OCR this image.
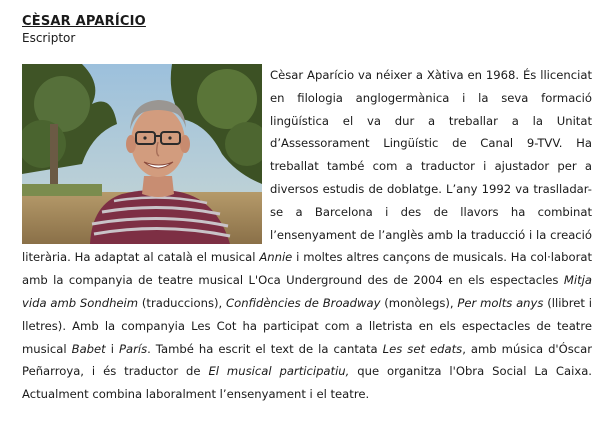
CÈSAR APARÍCIO
Escriptor
Cèsar Aparício va néixer a Xàtiva en 1968. És llicenciat en filologia anglogermànica i la seva formació lingüística el va dur a treballar a la Unitat d’Assessorament Lingüístic de Canal 9-TVV. Ha treballat també com a traductor i ajustador per a diversos estudis de doblatge. L’any 1992 va traslladar-se a Barcelona i des de llavors ha combinat l’ensenyament de l’anglès amb la traducció i la creació literària. Ha adaptat al català el musical Annie i moltes altres cançons de musicals. Ha col·laborat amb la companyia de teatre musical L'Oca Underground des de 2004 en els espectacles Mitja vida amb Sondheim (traduccions), Confidències de Broadway (monòlegs), Per molts anys (llibret i lletres). Amb la companyia Les Cot ha participat com a lletrista en els espectacles de teatre musical Babet i París. També ha escrit el text de la cantata Les set edats, amb música d'Óscar Peñarroya, i és traductor de El musical participatiu, que organitza l'Obra Social La Caixa. Actualment combina laboralment l’ensenyament i el teatre.
